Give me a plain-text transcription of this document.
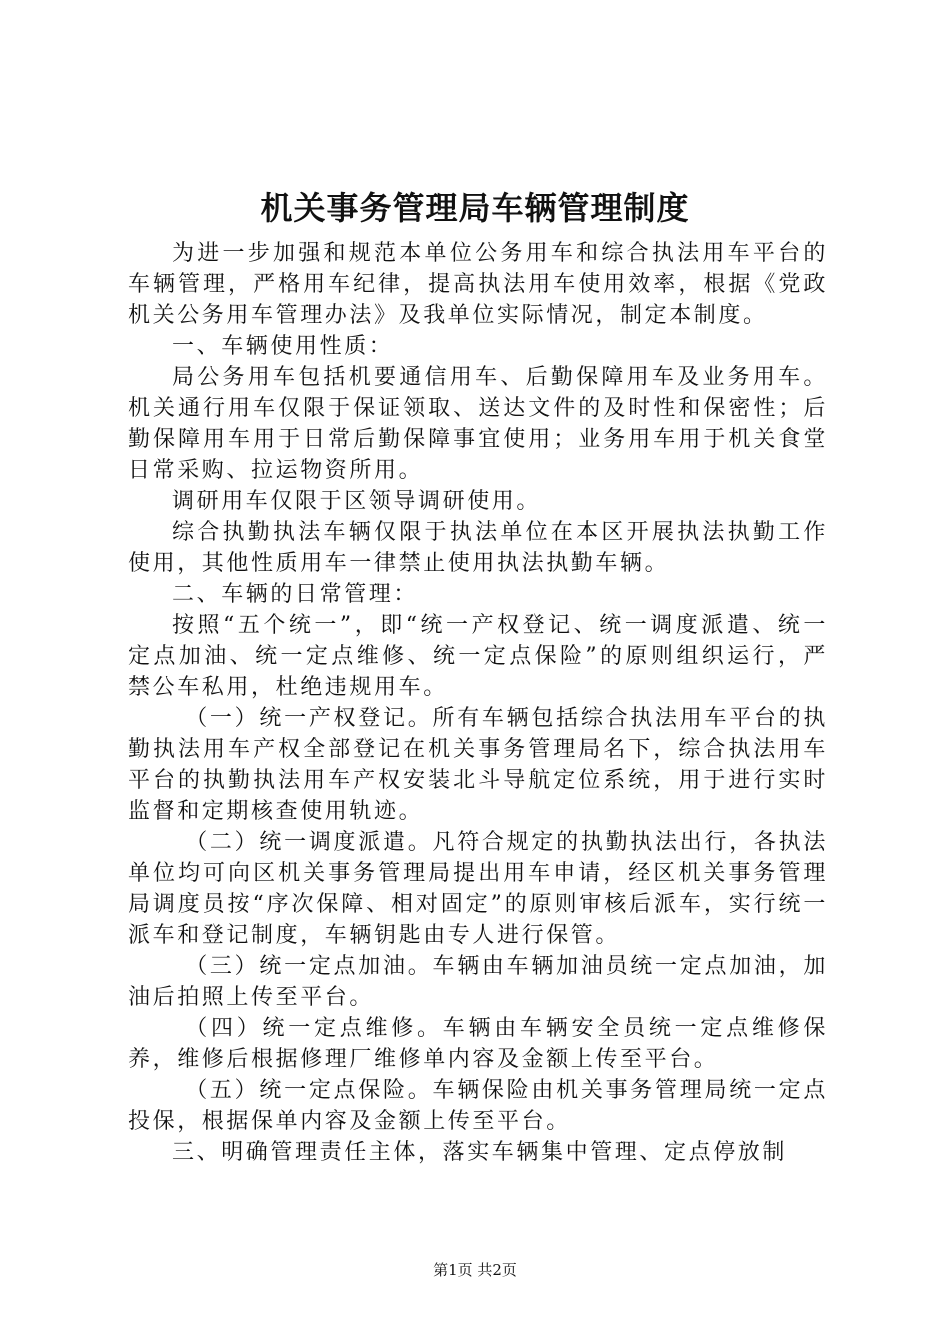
机关事务管理局车辆管理制度

为进一步加强和规范本单位公务用车和综合执法用车平台的车辆管理，严格用车纪律，提高执法用车使用效率，根据《党政机关公务用车管理办法》及我单位实际情况，制定本制度。

一、车辆使用性质：

局公务用车包括机要通信用车、后勤保障用车及业务用车。机关通行用车仅限于保证领取、送达文件的及时性和保密性；后勤保障用车用于日常后勤保障事宜使用；业务用车用于机关食堂日常采购、拉运物资所用。

调研用车仅限于区领导调研使用。

综合执勤执法车辆仅限于执法单位在本区开展执法执勤工作使用，其他性质用车一律禁止使用执法执勤车辆。

二、车辆的日常管理：

按照“五个统一”，即“统一产权登记、统一调度派遣、统一定点加油、统一定点维修、统一定点保险”的原则组织运行，严禁公车私用，杜绝违规用车。

（一）统一产权登记。所有车辆包括综合执法用车平台的执勤执法用车产权全部登记在机关事务管理局名下，综合执法用车平台的执勤执法用车产权安装北斗导航定位系统，用于进行实时监督和定期核查使用轨迹。

（二）统一调度派遣。凡符合规定的执勤执法出行，各执法单位均可向区机关事务管理局提出用车申请，经区机关事务管理局调度员按“序次保障、相对固定”的原则审核后派车，实行统一派车和登记制度，车辆钥匙由专人进行保管。

（三）统一定点加油。车辆由车辆加油员统一定点加油，加油后拍照上传至平台。

（四）统一定点维修。车辆由车辆安全员统一定点维修保养，维修后根据修理厂维修单内容及金额上传至平台。

（五）统一定点保险。车辆保险由机关事务管理局统一定点投保，根据保单内容及金额上传至平台。

三、明确管理责任主体，落实车辆集中管理、定点停放制

第1页 共2页
